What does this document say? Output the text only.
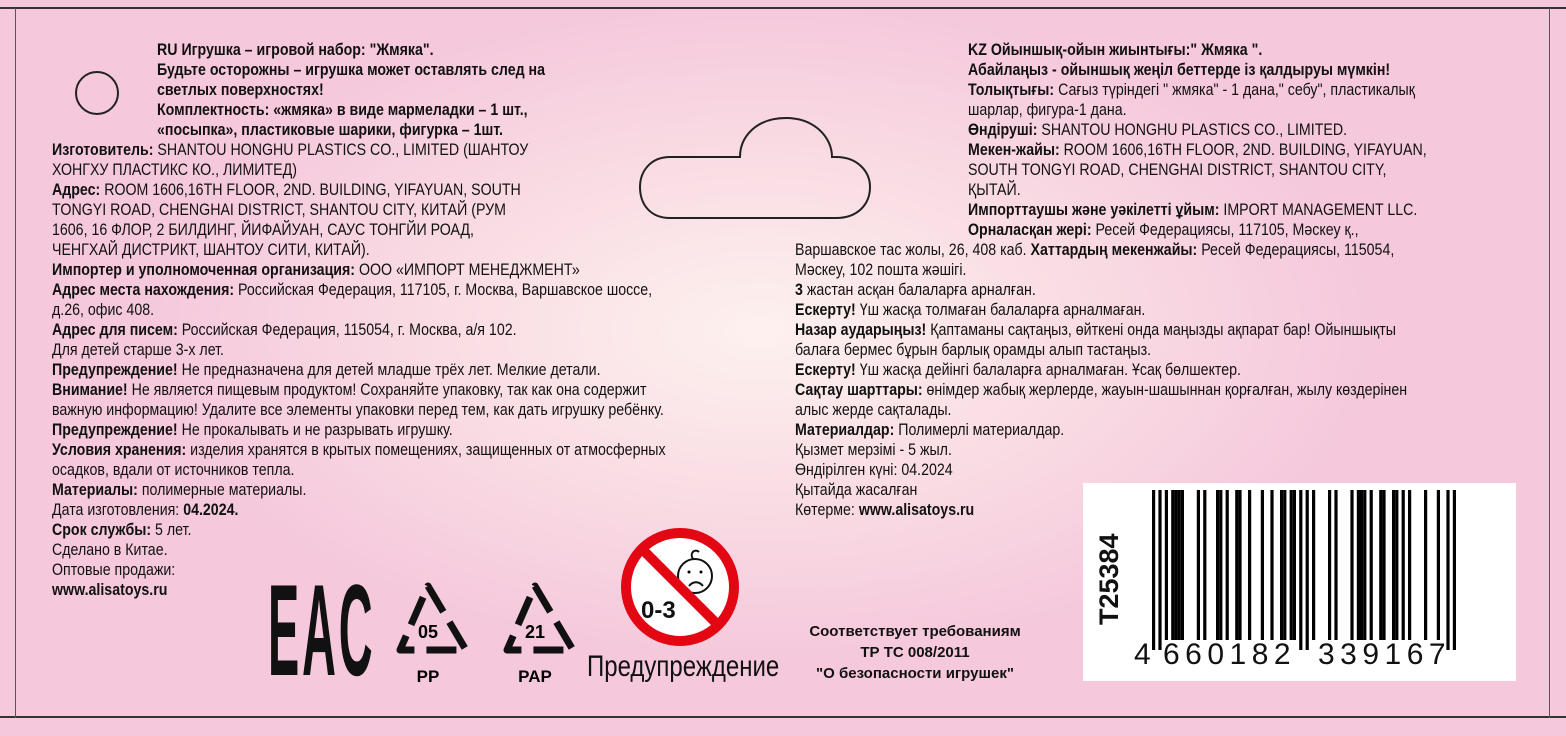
RU Игрушка – игровой набор: "Жмяка".
Будьте осторожны – игрушка может оставлять след на
светлых поверхностях!
Комплектность: «жмяка» в виде мармеладки – 1 шт.,
«посыпка», пластиковые шарики, фигурка – 1шт.
Изготовитель: SHANTOU HONGHU PLASTICS CO., LIMITED (ШАНТОУ
ХОНГХУ ПЛАСТИКС КО., ЛИМИТЕД)
Адрес: ROOM 1606,16TH FLOOR, 2ND. BUILDING, YIFAYUAN, SOUTH
TONGYI ROAD, CHENGHAI DISTRICT, SHANTOU CITY, КИТАЙ (РУМ
1606, 16 ФЛОР, 2 БИЛДИНГ, ЙИФАЙУАН, САУС ТОНГЙИ РОАД,
ЧЕНГХАЙ ДИСТРИКТ, ШАНТОУ СИТИ, КИТАЙ).
Импортер и уполномоченная организация: ООО «ИМПОРТ МЕНЕДЖМЕНТ»
Адрес места нахождения: Российская Федерация, 117105, г. Москва, Варшавское шоссе,
д.26, офис 408.
Адрес для писем: Российская Федерация, 115054, г. Москва, а/я 102.
Для детей старше 3-х лет.
Предупреждение! Не предназначена для детей младше трёх лет. Мелкие детали.
Внимание! Не является пищевым продуктом! Сохраняйте упаковку, так как она содержит
важную информацию! Удалите все элементы упаковки перед тем, как дать игрушку ребёнку.
Предупреждение! Не прокалывать и не разрывать игрушку.
Условия хранения: изделия хранятся в крытых помещениях, защищенных от атмосферных
осадков, вдали от источников тепла.
Материалы: полимерные материалы.
Дата изготовления: 04.2024.
Срок службы: 5 лет.
Сделано в Китае.
Оптовые продажи:
www.alisatoys.ru
KZ Ойыншық-ойын жиынтығы:" Жмяка ".
Абайлаңыз - ойыншық жеңіл беттерде із қалдыруы мүмкін!
Толықтығы: Сағыз түріндегі " жмяка" - 1 дана," себу", пластикалық
шарлар, фигура-1 дана.
Өндіруші: SHANTOU HONGHU PLASTICS CO., LIMITED.
Мекен-жайы: ROOM 1606,16TH FLOOR, 2ND. BUILDING, YIFAYUAN,
SOUTH TONGYI ROAD, CHENGHAI DISTRICT, SHANTOU CITY,
ҚЫТАЙ.
Импорттаушы және уәкілетті ұйым: IMPORT MANAGEMENT LLC.
Орналасқан жері: Ресей Федерациясы, 117105, Мәскеу қ.,
Варшавское тас жолы, 26, 408 каб. Хаттардың мекенжайы: Ресей Федерациясы, 115054,
Мәскеу, 102 пошта жәшігі.
3 жастан асқан балаларға арналған.
Ескерту! Үш жасқа толмаған балаларға арналмаған.
Назар аударыңыз! Қаптаманы сақтаңыз, өйткені онда маңызды ақпарат бар! Ойыншықты
балаға бермес бұрын барлық орамды алып тастаңыз.
Ескерту! Үш жасқа дейінгі балаларға арналмаған. Ұсақ бөлшектер.
Сақтау шарттары: өнімдер жабық жерлерде, жауын-шашыннан қорғалған, жылу көздерінен
алыс жерде сақталады.
Материалдар: Полимерлі материалдар.
Қызмет мерзімі - 5 жыл.
Өндірілген күні: 04.2024
Қытайда жасалған
Көтерме: www.alisatoys.ru
EAC 05
PP
21
PAP
0-3
Предупреждение
Соответствует требованиям
ТР ТС 008/2011
"О безопасности игрушек"
T25384
4 660182 339167
